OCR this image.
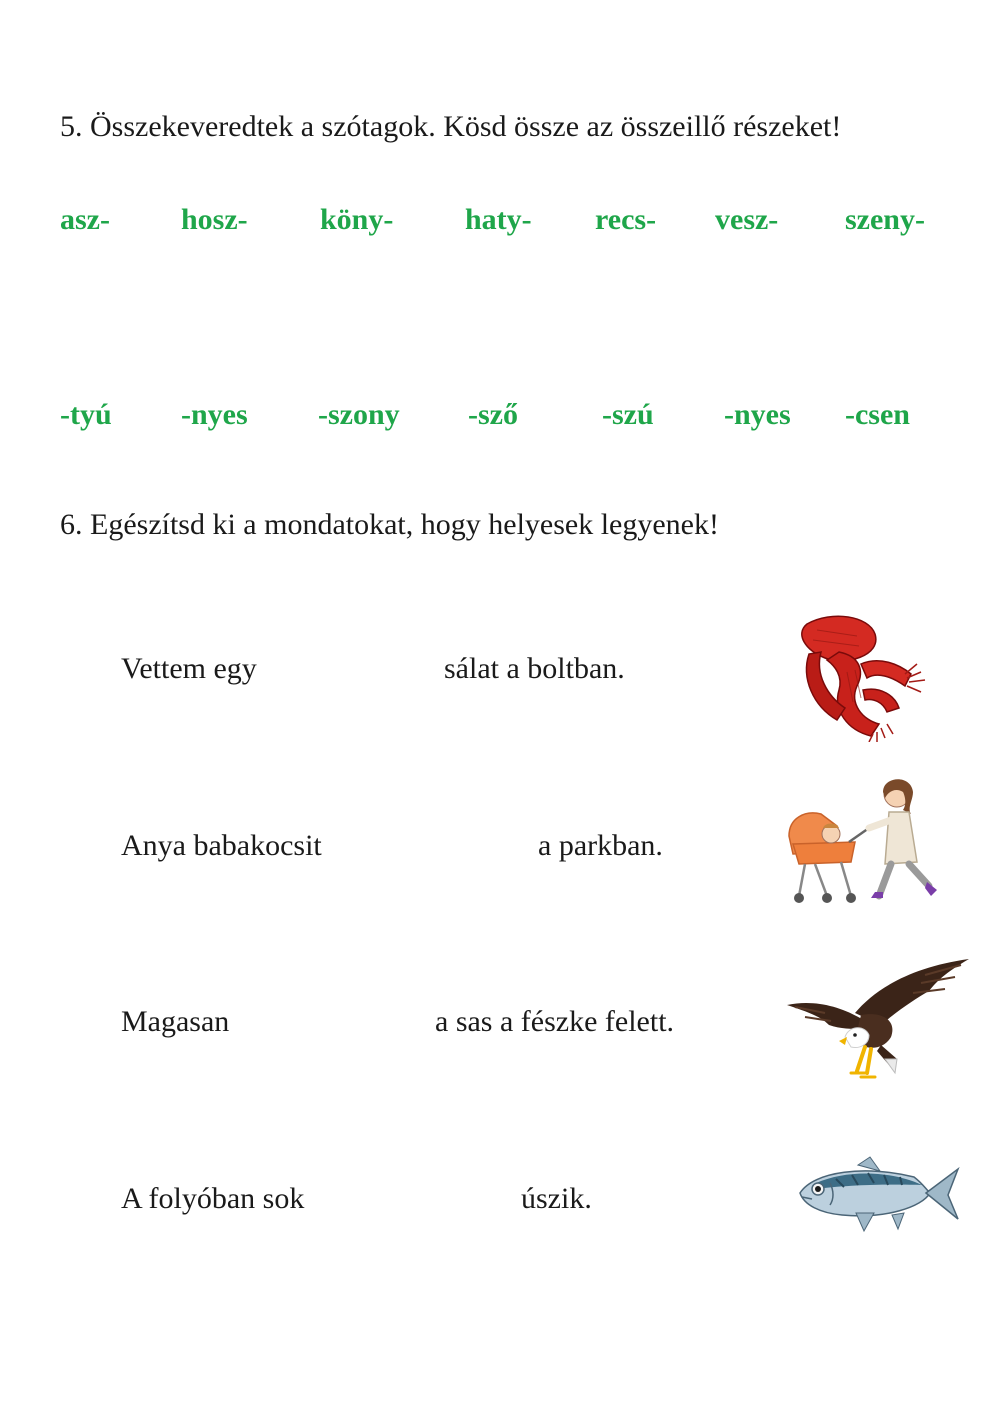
5. Összekeveredtek a szótagok. Kösd össze az összeillő részeket!
asz- hosz- köny- haty- recs- vesz- szeny-
-tyú -nyes -szony -sző	-szú -nyes -csen
6. Egészítsd ki a mondatokat, hogy helyesek legyenek!
Vettem egy	sálat a boltban.
Anya babakocsit	a parkban.
Magasan	a sas a fészke felett.
A folyóban sok	úszik.
